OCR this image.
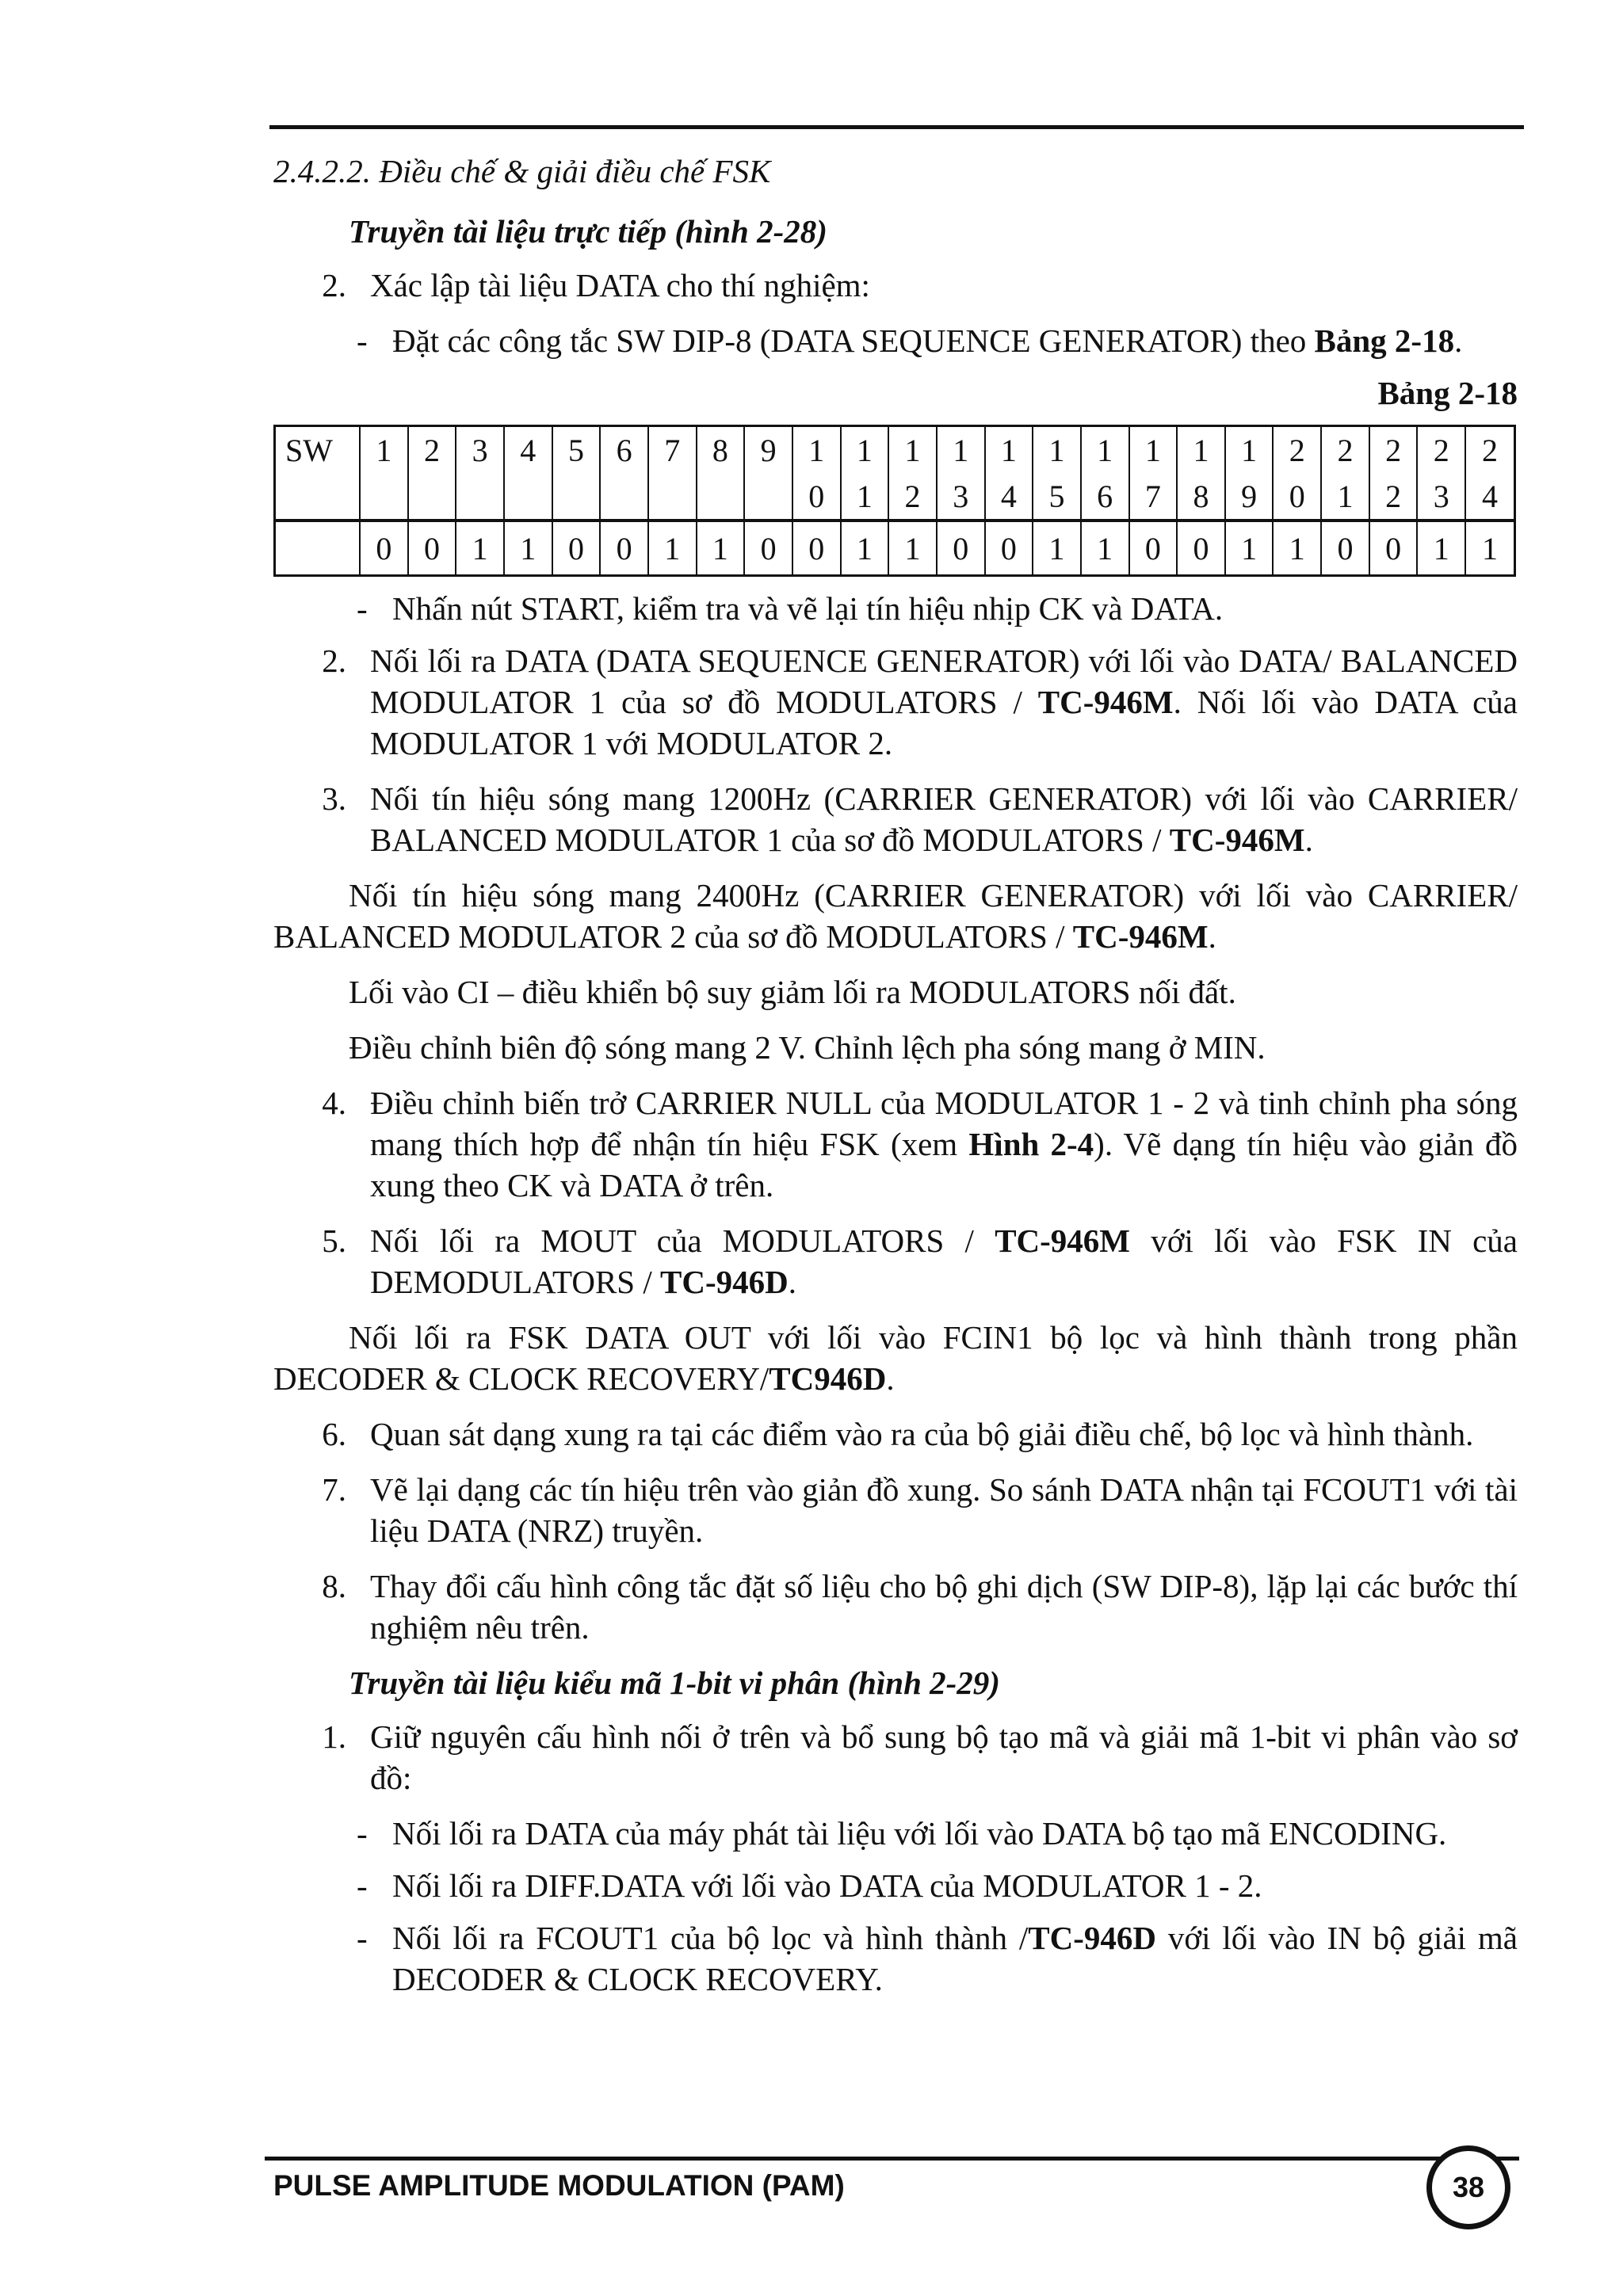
2.4.2.2. Điều chế & giải điều chế FSK

Truyền tài liệu trực tiếp (hình 2-28)

2. Xác lập tài liệu DATA cho thí nghiệm:

- Đặt các công tắc SW DIP-8 (DATA SEQUENCE GENERATOR) theo Bảng 2-18.

Bảng 2-18

SW	1	2	3	4	5	6	7	8	9	1	1	1	1	1	1	1	1	1	1	2	2	2	2	2
										0	1	2	3	4	5	6	7	8	9	0	1	2	3	4
	0	0	1	1	0	0	1	1	0	0	1	1	0	0	1	1	0	0	1	1	0	0	1	1

- Nhấn nút START, kiểm tra và vẽ lại tín hiệu nhịp CK và DATA.

2. Nối lối ra DATA (DATA SEQUENCE GENERATOR) với lối vào DATA/ BALANCED MODULATOR 1 của sơ đồ MODULATORS / TC-946M. Nối lối vào DATA của MODULATOR 1 với MODULATOR 2.

3. Nối tín hiệu sóng mang 1200Hz (CARRIER GENERATOR) với lối vào CARRIER/ BALANCED MODULATOR 1 của sơ đồ MODULATORS / TC-946M.

Nối tín hiệu sóng mang 2400Hz (CARRIER GENERATOR) với lối vào CARRIER/ BALANCED MODULATOR 2 của sơ đồ MODULATORS / TC-946M.

Lối vào CI – điều khiển bộ suy giảm lối ra MODULATORS nối đất.

Điều chỉnh biên độ sóng mang 2 V. Chỉnh lệch pha sóng mang ở MIN.

4. Điều chỉnh biến trở CARRIER NULL của MODULATOR 1 - 2 và tinh chỉnh pha sóng mang thích hợp để nhận tín hiệu FSK (xem Hình 2-4). Vẽ dạng tín hiệu vào giản đồ xung theo CK và DATA ở trên.

5. Nối lối ra MOUT của MODULATORS / TC-946M với lối vào FSK IN của DEMODULATORS / TC-946D.

Nối lối ra FSK DATA OUT với lối vào FCIN1 bộ lọc và hình thành trong phần DECODER & CLOCK RECOVERY/TC946D.

6. Quan sát dạng xung ra tại các điểm vào ra của bộ giải điều chế, bộ lọc và hình thành.

7. Vẽ lại dạng các tín hiệu trên vào giản đồ xung. So sánh DATA nhận tại FCOUT1 với tài liệu DATA (NRZ) truyền.

8. Thay đổi cấu hình công tắc đặt số liệu cho bộ ghi dịch (SW DIP-8), lặp lại các bước thí nghiệm nêu trên.

Truyền tài liệu kiểu mã 1-bit vi phân (hình 2-29)

1. Giữ nguyên cấu hình nối ở trên và bổ sung bộ tạo mã và giải mã 1-bit vi phân vào sơ đồ:

- Nối lối ra DATA của máy phát tài liệu với lối vào DATA bộ tạo mã ENCODING.

- Nối lối ra DIFF.DATA với lối vào DATA của MODULATOR 1 - 2.

- Nối lối ra FCOUT1 của bộ lọc và hình thành /TC-946D với lối vào IN bộ giải mã DECODER & CLOCK RECOVERY.

PULSE AMPLITUDE MODULATION (PAM)	38
